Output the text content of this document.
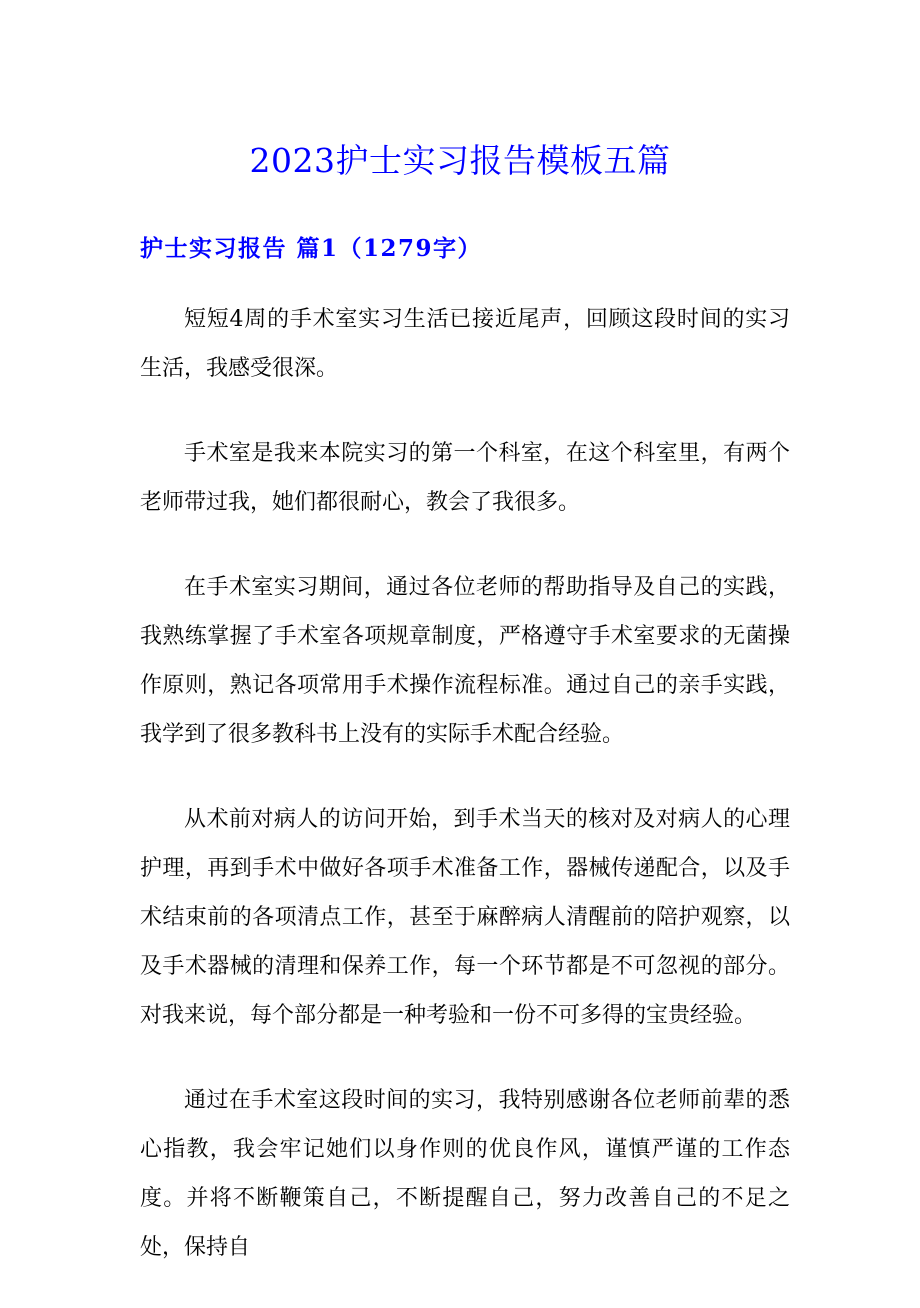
2023护士实习报告模板五篇
护士实习报告 篇1（1279字）

短短4周的手术室实习生活已接近尾声，回顾这段时间的实习生活，我感受很深。

手术室是我来本院实习的第一个科室，在这个科室里，有两个老师带过我，她们都很耐心，教会了我很多。

在手术室实习期间，通过各位老师的帮助指导及自己的实践，我熟练掌握了手术室各项规章制度，严格遵守手术室要求的无菌操作原则，熟记各项常用手术操作流程标准。通过自己的亲手实践，我学到了很多教科书上没有的实际手术配合经验。

从术前对病人的访问开始，到手术当天的核对及对病人的心理护理，再到手术中做好各项手术准备工作，器械传递配合，以及手术结束前的各项清点工作，甚至于麻醉病人清醒前的陪护观察，以及手术器械的清理和保养工作，每一个环节都是不可忽视的部分。对我来说，每个部分都是一种考验和一份不可多得的宝贵经验。

通过在手术室这段时间的实习，我特别感谢各位老师前辈的悉心指教，我会牢记她们以身作则的优良作风，谨慎严谨的工作态度。并将不断鞭策自己，不断提醒自己，努力改善自己的不足之处，保持自
